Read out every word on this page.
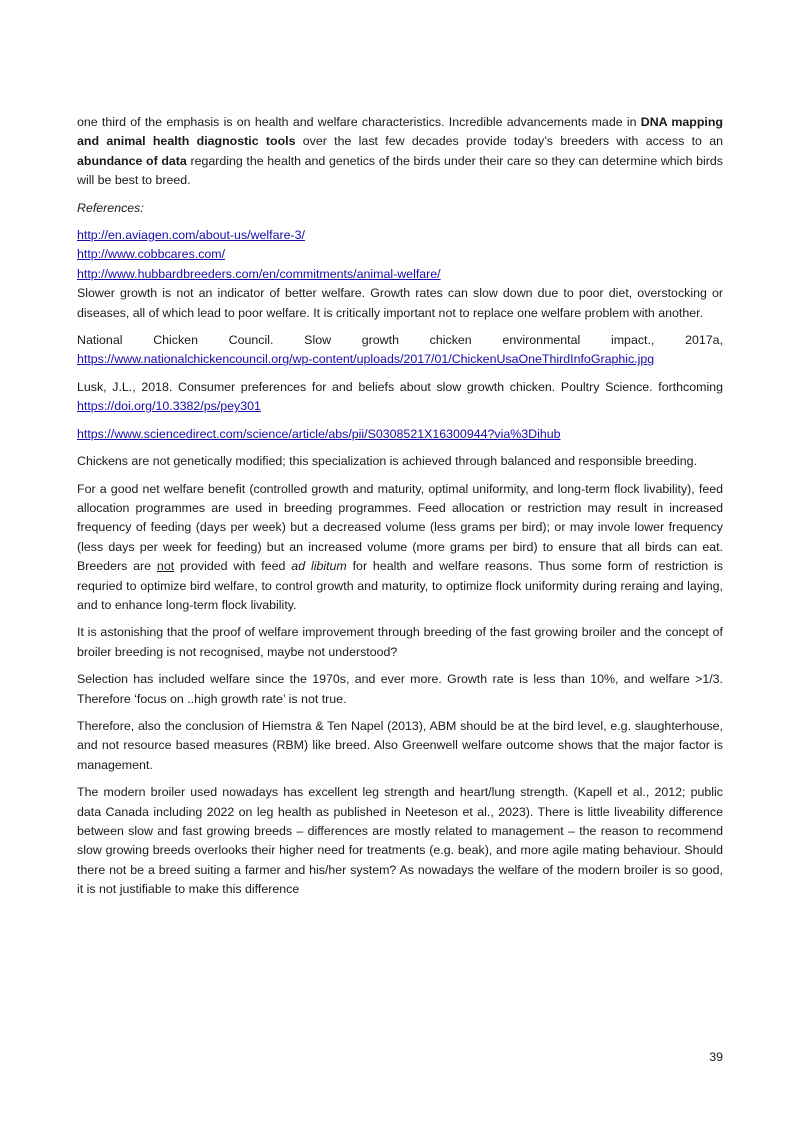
one third of the emphasis is on health and welfare characteristics. Incredible advancements made in DNA mapping and animal health diagnostic tools over the last few decades provide today’s breeders with access to an abundance of data regarding the health and genetics of the birds under their care so they can determine which birds will be best to breed.

References:

http://en.aviagen.com/about-us/welfare-3/
http://www.cobbcares.com/
http://www.hubbardbreeders.com/en/commitments/animal-welfare/

Slower growth is not an indicator of better welfare. Growth rates can slow down due to poor diet, overstocking or diseases, all of which lead to poor welfare. It is critically important not to replace one welfare problem with another.

National Chicken Council. Slow growth chicken environmental impact., 2017a, https://www.nationalchickencouncil.org/wp-content/uploads/2017/01/ChickenUsaOneThirdInfoGraphic.jpg

Lusk, J.L., 2018. Consumer preferences for and beliefs about slow growth chicken. Poultry Science. forthcoming https://doi.org/10.3382/ps/pey301

https://www.sciencedirect.com/science/article/abs/pii/S0308521X16300944?via%3Dihub

Chickens are not genetically modified; this specialization is achieved through balanced and responsible breeding.

For a good net welfare benefit (controlled growth and maturity, optimal uniformity, and long-term flock livability), feed allocation programmes are used in breeding programmes. Feed allocation or restriction may result in increased frequency of feeding (days per week) but a decreased volume (less grams per bird); or may invole lower frequency (less days per week for feeding) but an increased volume (more grams per bird) to ensure that all birds can eat. Breeders are not provided with feed ad libitum for health and welfare reasons. Thus some form of restriction is requried to optimize bird welfare, to control growth and maturity, to optimize flock uniformity during reraing and laying, and to enhance long-term flock livability.

It is astonishing that the proof of welfare improvement through breeding of the fast growing broiler and the concept of broiler breeding is not recognised, maybe not understood?

Selection has included welfare since the 1970s, and ever more. Growth rate is less than 10%, and welfare >1/3. Therefore ‘focus on ..high growth rate’ is not true.

Therefore, also the conclusion of Hiemstra & Ten Napel (2013), ABM should be at the bird level, e.g. slaughterhouse, and not resource based measures (RBM) like breed. Also Greenwell welfare outcome shows that the major factor is management.

The modern broiler used nowadays has excellent leg strength and heart/lung strength. (Kapell et al., 2012; public data Canada including 2022 on leg health as published in Neeteson et al., 2023). There is little liveability difference between slow and fast growing breeds – differences are mostly related to management – the reason to recommend slow growing breeds overlooks their higher need for treatments (e.g. beak), and more agile mating behaviour. Should there not be a breed suiting a farmer and his/her system? As nowadays the welfare of the modern broiler is so good, it is not justifiable to make this difference

39
